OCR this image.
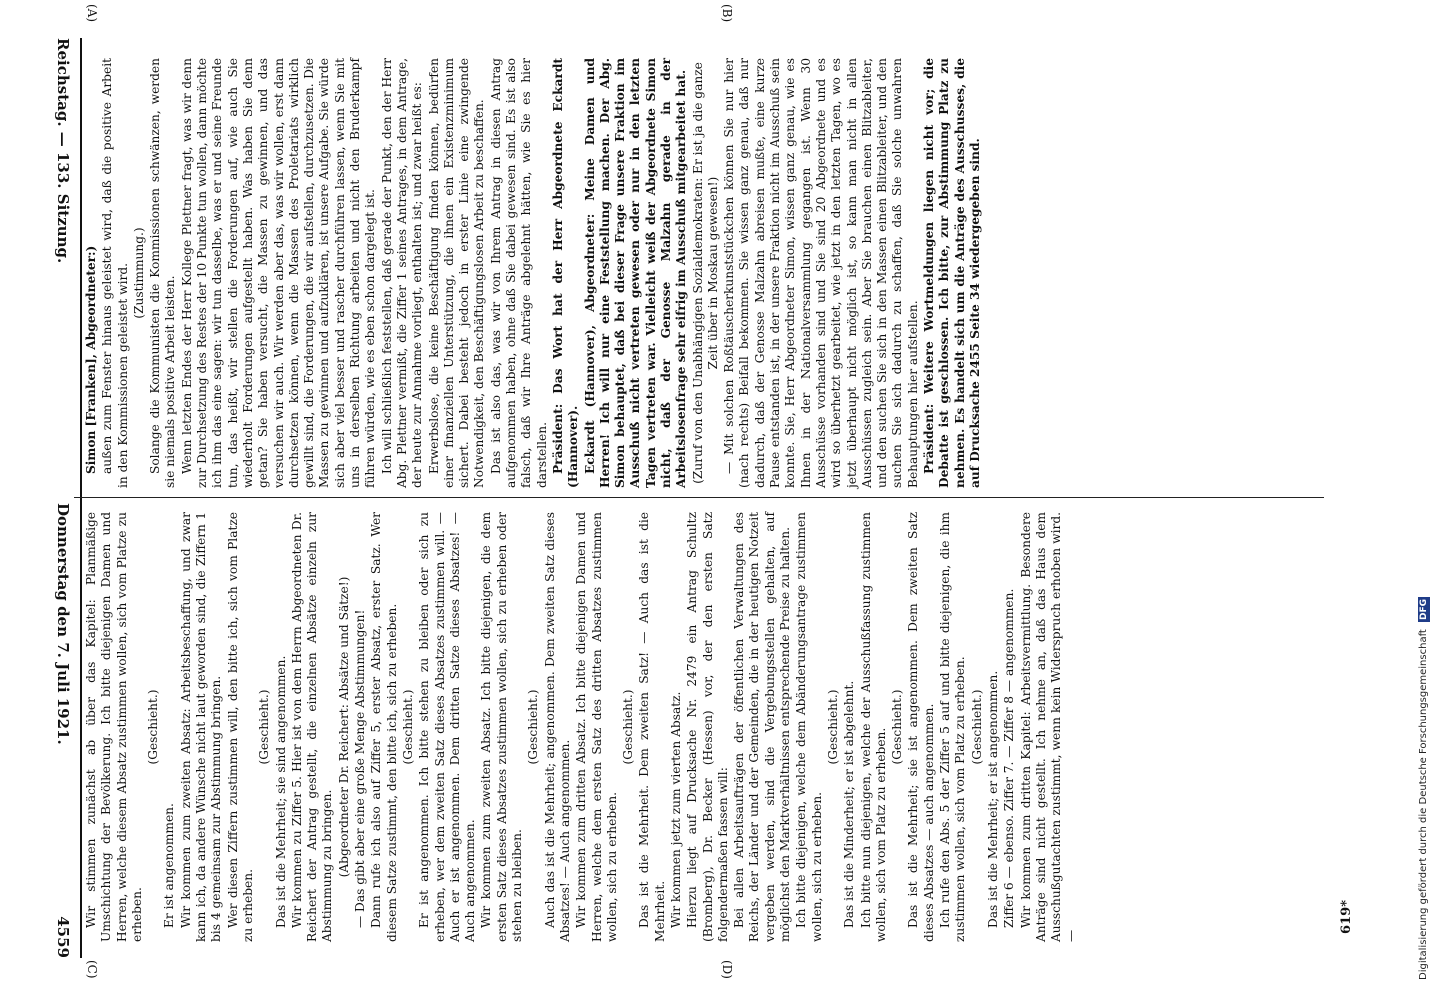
Reichstag. — 133. Sitzung.
Donnerstag den 7. Juli 1921.
4559
(A)	(B)
(C)	(D)

Simon [Franken], Abgeordneter:) außen zum Fenster hinaus geleistet wird, daß die positive Arbeit in den Kommissionen geleistet wird. (Zustimmung.) Solange die Kommunisten die Kommissionen schwänzen, werden sie niemals positive Arbeit leisten. Wenn letzten Endes der Herr Kollege Plettner fragt, was wir denn zur Durchsetzung des Restes der 10 Punkte tun wollen, dann möchte ich ihm das eine sagen: wir tun dasselbe, was er und seine Freunde tun, das heißt, wir stellen die Forderungen auf, wie auch Sie wiederholt Forderungen aufgestellt haben. Was haben Sie denn getan? Sie haben versucht, die Massen zu gewinnen, und das versuchen wir auch. Wir werden aber das, was wir wollen, erst dann durchsetzen können, wenn die Massen des Proletariats wirklich gewillt sind, die Forderungen, die wir aufstellen, durchzusetzen. Die Massen zu gewinnen und aufzuklären, ist unsere Aufgabe. Sie würde sich aber viel besser und rascher durchführen lassen, wenn Sie mit uns in derselben Richtung arbeiten und nicht den Bruderkampf führen würden, wie es eben schon dargelegt ist. Ich will schließlich feststellen, daß gerade der Punkt, den der Herr Abg. Plettner vermißt, die Ziffer 1 seines Antrages, in dem Antrage, der heute zur Annahme vorliegt, enthalten ist; und zwar heißt es: Erwerbslose, die keine Beschäftigung finden können, bedürfen einer finanziellen Unterstützung, die ihnen ein Existenzminimum sichert. Dabei besteht jedoch in erster Linie eine zwingende Notwendigkeit, den Beschäftigungslosen Arbeit zu beschaffen. Das ist also das, was wir von Ihrem Antrag in diesen Antrag aufgenommen haben, ohne daß Sie dabei gewesen sind. Es ist also falsch, daß wir Ihre Anträge abgelehnt hätten, wie Sie es hier darstellen. Präsident: Das Wort hat der Herr Abgeordnete Eckardt (Hannover). Eckardt (Hannover), Abgeordneter: Meine Damen und Herren! Ich will nur eine Feststellung machen. Der Abg. Simon behauptet, daß bei dieser Frage unsere Fraktion im Ausschuß nicht vertreten gewesen oder nur in den letzten Tagen vertreten war. Vielleicht weiß der Abgeordnete Simon nicht, daß der Genosse Malzahn gerade in der Arbeitslosenfrage sehr eifrig im Ausschuß mitgearbeitet hat. (Zuruf von den Unabhängigen Sozialdemokraten: Er ist ja die ganze Zeit über in Moskau gewesen!) — Mit solchen Roßtäuscherkunststückchen können Sie nur hier (nach rechts) Beifall bekommen. Sie wissen ganz genau, daß nur dadurch, daß der Genosse Malzahn abreisen mußte, eine kurze Pause entstanden ist, in der unsere Fraktion nicht im Ausschuß sein konnte. Sie, Herr Abgeordneter Simon, wissen ganz genau, wie es Ihnen in der Nationalversammlung gegangen ist. Wenn 30 Ausschüsse vorhanden sind und Sie sind 20 Abgeordnete und es wird so überhetzt gearbeitet, wie jetzt in den letzten Tagen, wo es jetzt überhaupt nicht möglich ist, so kann man nicht in allen Ausschüssen zugleich sein. Aber Sie brauchen einen Blitzableiter, und den suchen Sie sich in den Massen einen Blitzableiter, und den suchen Sie sich dadurch zu schaffen, daß Sie solche unwahren Behauptungen hier aufstellen. Präsident: Weitere Wortmeldungen liegen nicht vor; die Debatte ist geschlossen. Ich bitte, zur Abstimmung Platz zu nehmen. Es handelt sich um die Anträge des Ausschusses, die auf Drucksache 2455 Seite 34 wiedergegeben sind.

Wir stimmen zunächst ab über das Kapitel: Planmäßige Umschichtung der Bevölkerung. Ich bitte diejenigen Damen und Herren, welche diesem Absatz zustimmen wollen, sich vom Platze zu erheben.

(Geschieht.)

Er ist angenommen. Wir kommen zum zweiten Absatz: Arbeitsbeschaffung, und zwar kann ich, da andere Wünsche nicht laut geworden sind, die Ziffern 1 bis 4 gemeinsam zur Abstimmung bringen. Wer diesen Ziffern zustimmen will, den bitte ich, sich vom Platze zu erheben.

(Geschieht.) Das ist die Mehrheit; sie sind angenommen. Wir kommen zu Ziffer 5. Hier ist von dem Herrn Abgeordneten Dr. Reichert der Antrag gestellt, die einzelnen Absätze einzeln zur Abstimmung zu bringen. (Abgeordneter Dr. Reichert: Absätze und Sätze!) — Das gibt aber eine große Menge Abstimmungen! Dann rufe ich also auf Ziffer 5, erster Absatz, erster Satz. Wer diesem Satze zustimmt, den bitte ich, sich zu erheben. (Geschieht.) Er ist angenommen. Ich bitte stehen zu bleiben oder sich zu erheben, wer dem zweiten Satz dieses Absatzes zustimmen will. — Auch er ist angenommen. Dem dritten Satze dieses Absatzes! — Auch angenommen. Wir kommen zum zweiten Absatz. Ich bitte diejenigen, die dem ersten Satz dieses Absatzes zustimmen wollen, sich zu erheben oder stehen zu bleiben.

(Geschieht.) Auch das ist die Mehrheit; angenommen. Dem zweiten Satz dieses Absatzes! — Auch angenommen. Wir kommen zum dritten Absatz. Ich bitte diejenigen Damen und Herren, welche dem ersten Satz des dritten Absatzes zustimmen wollen, sich zu erheben.

(Geschieht.) Das ist die Mehrheit. Dem zweiten Satz! — Auch das ist die Mehrheit. Wir kommen jetzt zum vierten Absatz. Hierzu liegt auf Drucksache Nr. 2479 ein Antrag Schultz (Bromberg), Dr. Becker (Hessen) vor, der den ersten Satz folgendermaßen fassen will: Bei allen Arbeitsaufträgen der öffentlichen Verwaltungen des Reichs, der Länder und der Gemeinden, die in der heutigen Notzeit vergeben werden, sind die Vergebungsstellen gehalten, auf möglichst den Marktverhältnissen entsprechende Preise zu halten. Ich bitte diejenigen, welche dem Abänderungsantrage zustimmen wollen, sich zu erheben.

(Geschieht.) Das ist die Minderheit; er ist abgelehnt. Ich bitte nun diejenigen, welche der Ausschußfassung zustimmen wollen, sich vom Platz zu erheben.

(Geschieht.) Das ist die Mehrheit; sie ist angenommen. Dem zweiten Satz dieses Absatzes — auch angenommen. Ich rufe den Abs. 5 der Ziffer 5 auf und bitte diejenigen, die ihm zustimmen wollen, sich vom Platz zu erheben. (Geschieht.) Das ist die Mehrheit; er ist angenommen. Ziffer 6 — ebenso. Ziffer 7. — Ziffer 8 — angenommen. Wir kommen zum dritten Kapitel: Arbeitsvermittlung. Besondere Anträge sind nicht gestellt. Ich nehme an, daß das Haus dem Ausschußgutachten zustimmt, wenn kein Widerspruch erhoben wird. —

619*	Digitalisierung gefördert durch die Deutsche Forschungsgemeinschaft DFG
